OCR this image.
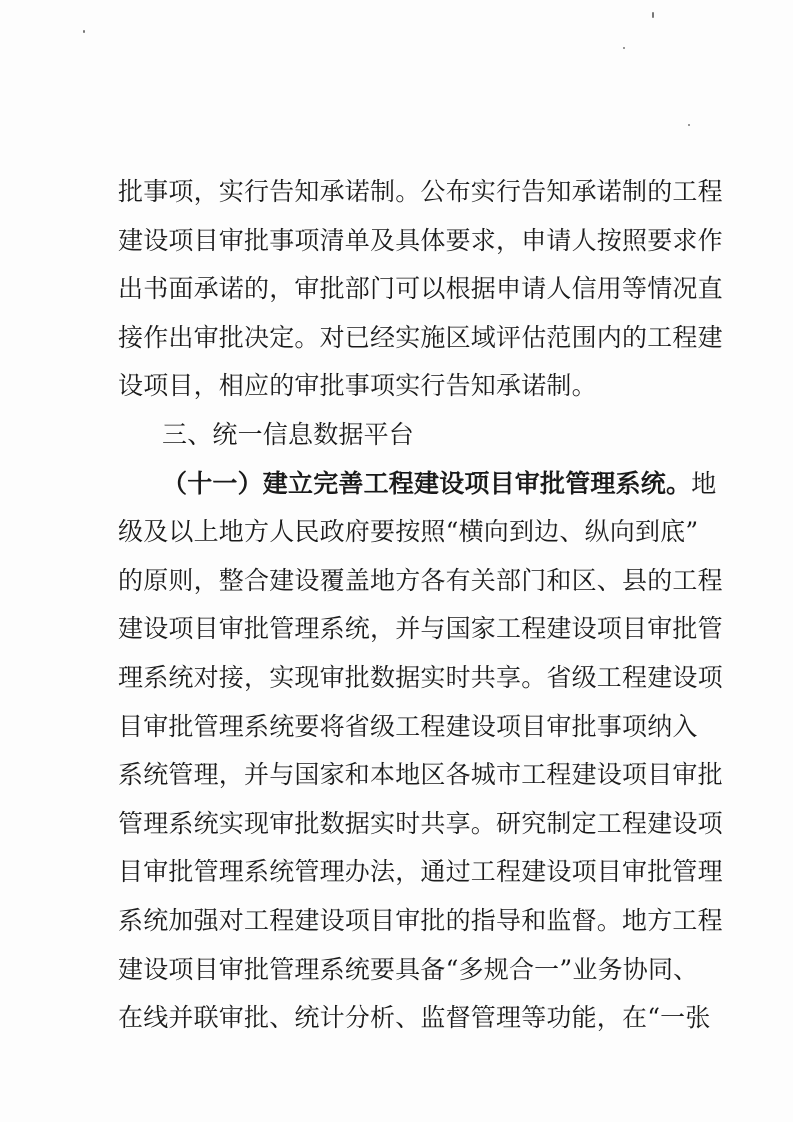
批事项，实行告知承诺制。公布实行告知承诺制的工程
建设项目审批事项清单及具体要求，申请人按照要求作
出书面承诺的，审批部门可以根据申请人信用等情况直
接作出审批决定。对已经实施区域评估范围内的工程建
设项目，相应的审批事项实行告知承诺制。
三、统一信息数据平台
（十一）建立完善工程建设项目审批管理系统。地
级及以上地方人民政府要按照“横向到边、纵向到底”
的原则，整合建设覆盖地方各有关部门和区、县的工程
建设项目审批管理系统，并与国家工程建设项目审批管
理系统对接，实现审批数据实时共享。省级工程建设项
目审批管理系统要将省级工程建设项目审批事项纳入
系统管理，并与国家和本地区各城市工程建设项目审批
管理系统实现审批数据实时共享。研究制定工程建设项
目审批管理系统管理办法，通过工程建设项目审批管理
系统加强对工程建设项目审批的指导和监督。地方工程
建设项目审批管理系统要具备“多规合一”业务协同、
在线并联审批、统计分析、监督管理等功能，在“一张
